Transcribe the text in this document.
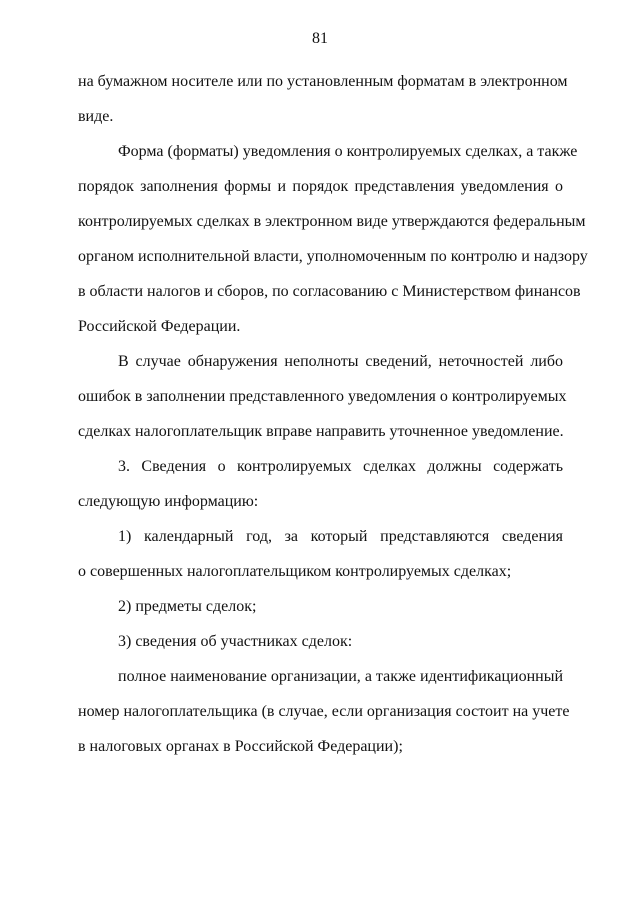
81
на бумажном носителе или по установленным форматам в электронном
виде.
Форма (форматы) уведомления о контролируемых сделках, а также
порядок заполнения формы и порядок представления уведомления о
контролируемых сделках в электронном виде утверждаются федеральным
органом исполнительной власти, уполномоченным по контролю и надзору
в области налогов и сборов, по согласованию с Министерством финансов
Российской Федерации.
В случае обнаружения неполноты сведений, неточностей либо
ошибок в заполнении представленного уведомления о контролируемых
сделках налогоплательщик вправе направить уточненное уведомление.
3. Сведения о контролируемых сделках должны содержать
следующую информацию:
1) календарный год, за который представляются сведения
о совершенных налогоплательщиком контролируемых сделках;
2) предметы сделок;
3) сведения об участниках сделок:
полное наименование организации, а также идентификационный
номер налогоплательщика (в случае, если организация состоит на учете
в налоговых органах в Российской Федерации);
